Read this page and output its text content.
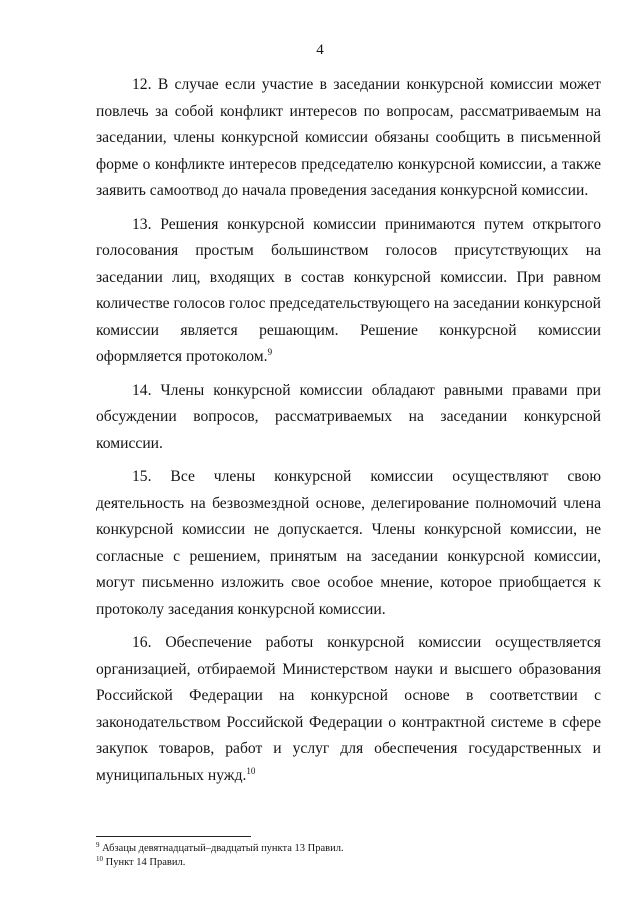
4

12. В случае если участие в заседании конкурсной комиссии может повлечь за собой конфликт интересов по вопросам, рассматриваемым на заседании, члены конкурсной комиссии обязаны сообщить в письменной форме о конфликте интересов председателю конкурсной комиссии, а также заявить самоотвод до начала проведения заседания конкурсной комиссии.

13. Решения конкурсной комиссии принимаются путем открытого голосования простым большинством голосов присутствующих на заседании лиц, входящих в состав конкурсной комиссии. При равном количестве голосов голос председательствующего на заседании конкурсной комиссии является решающим. Решение конкурсной комиссии оформляется протоколом.$^9$

14. Члены конкурсной комиссии обладают равными правами при обсуждении вопросов, рассматриваемых на заседании конкурсной комиссии.

15. Все члены конкурсной комиссии осуществляют свою деятельность на безвозмездной основе, делегирование полномочий члена конкурсной комиссии не допускается. Члены конкурсной комиссии, не согласные с решением, принятым на заседании конкурсной комиссии, могут письменно изложить свое особое мнение, которое приобщается к протоколу заседания конкурсной комиссии.

16. Обеспечение работы конкурсной комиссии осуществляется организацией, отбираемой Министерством науки и высшего образования Российской Федерации на конкурсной основе в соответствии с законодательством Российской Федерации о контрактной системе в сфере закупок товаров, работ и услуг для обеспечения государственных и муниципальных нужд.$^{10}$

$^9$ Абзацы девятнадцатый–двадцатый пункта 13 Правил.

$^{10}$ Пункт 14 Правил.
